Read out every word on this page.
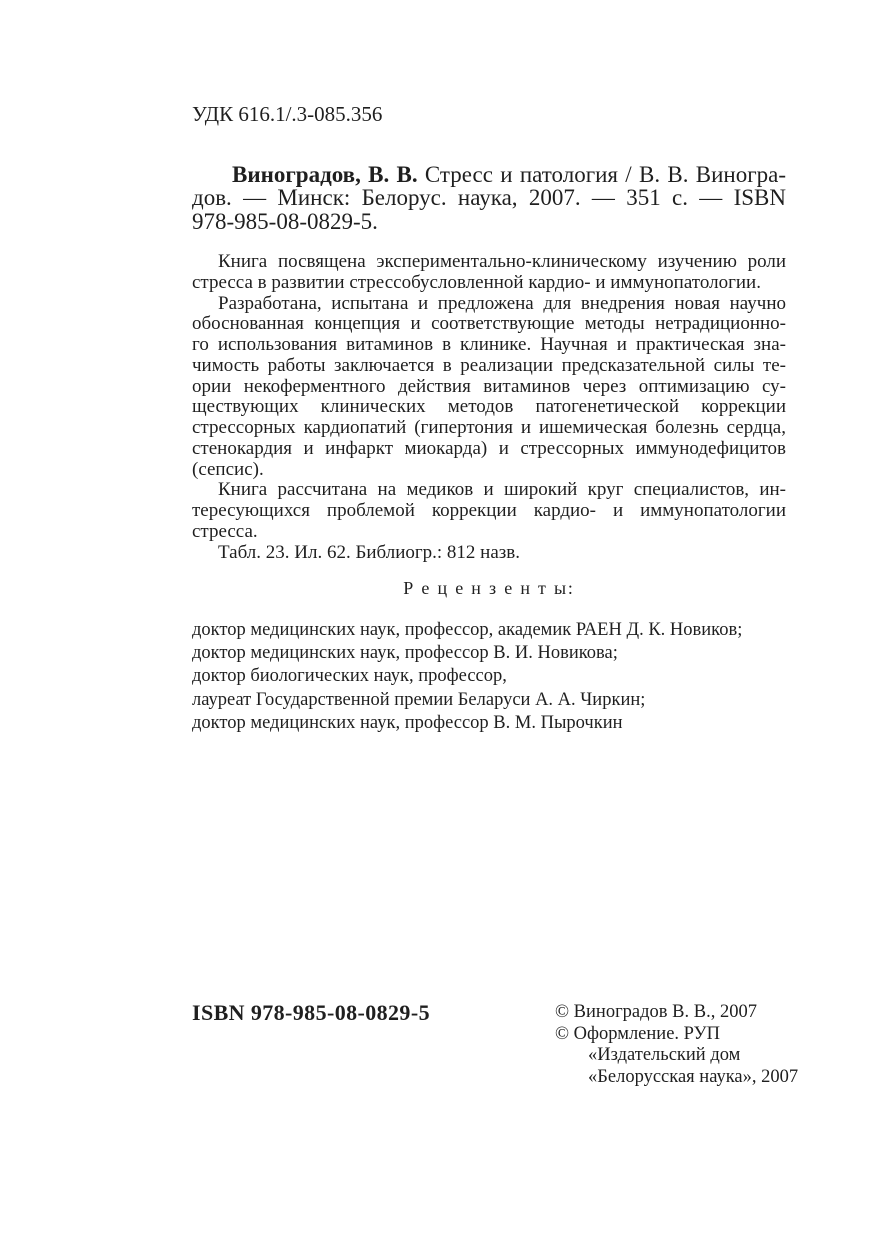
УДК 616.1/.3-085.356
Виноградов, В. В. Стресс и патология / В. В. Виногра-
дов. — Минск: Белорус. наука, 2007. — 351 с. — ISBN
978-985-08-0829-5.
Книга посвящена экспериментально-клиническому изучению роли
стресса в развитии стрессобусловленной кардио- и иммунопатологии.
Разработана, испытана и предложена для внедрения новая научно
обоснованная концепция и соответствующие методы нетрадиционно-
го использования витаминов в клинике. Научная и практическая зна-
чимость работы заключается в реализации предсказательной силы те-
ории некоферментного действия витаминов через оптимизацию су-
ществующих клинических методов патогенетической коррекции
стрессорных кардиопатий (гипертония и ишемическая болезнь сердца,
стенокардия и инфаркт миокарда) и стрессорных иммунодефицитов
(сепсис).
Книга рассчитана на медиков и широкий круг специалистов, ин-
тересующихся проблемой коррекции кардио- и иммунопатологии
стресса.
Табл. 23. Ил. 62. Библиогр.: 812 назв.
Р е ц е н з е н т ы:
доктор медицинских наук, профессор, академик РАЕН Д. К. Новиков;
доктор медицинских наук, профессор В. И. Новикова;
доктор биологических наук, профессор,
лауреат Государственной премии Беларуси А. А. Чиркин;
доктор медицинских наук, профессор В. М. Пырочкин
ISBN 978-985-08-0829-5	© Виноградов В. В., 2007
© Оформление. РУП
«Издательский дом
«Белорусская наука», 2007
